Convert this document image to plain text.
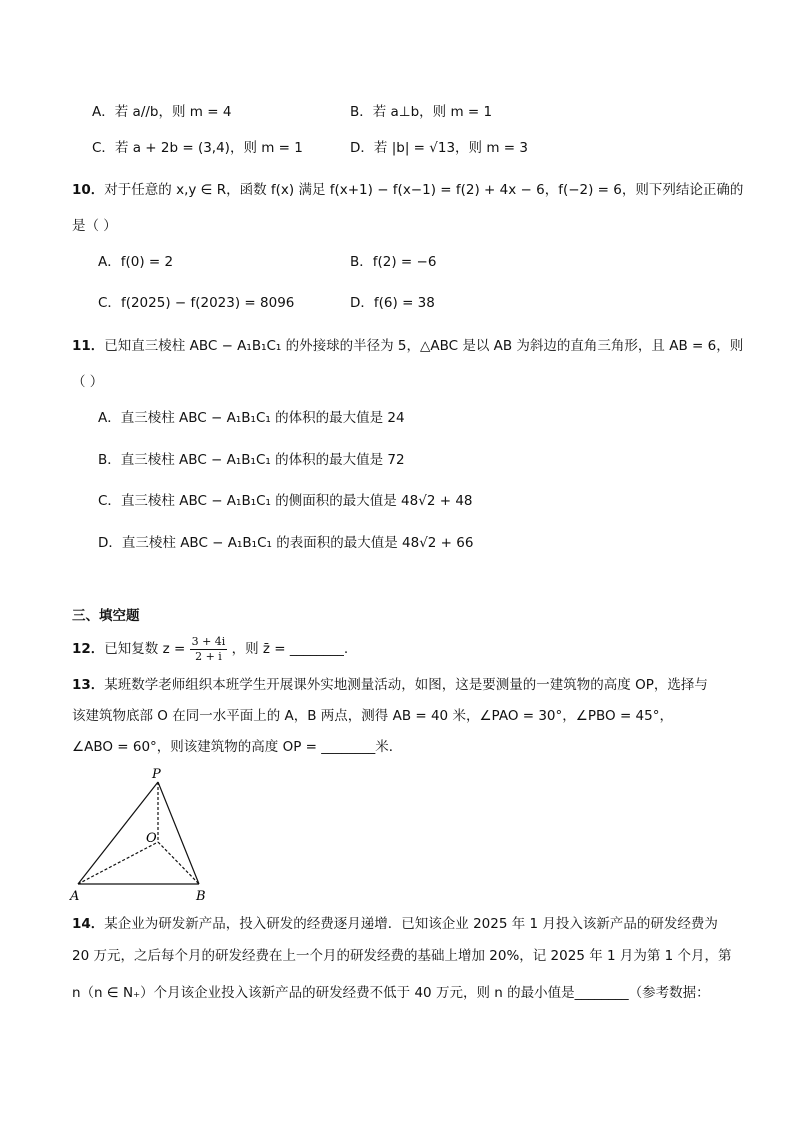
A．若 a//b，则 m = 4	B．若 a⊥b，则 m = 1
C．若 a + 2b = (3,4)，则 m = 1	D．若 |b| = √13，则 m = 3
10．对于任意的 x,y ∈ R，函数 f(x) 满足 f(x+1) − f(x−1) = f(2) + 4x − 6，f(−2) = 6，则下列结论正确的
是（ ）
A．f(0) = 2	B．f(2) = −6
C．f(2025) − f(2023) = 8096	D．f(6) = 38
11．已知直三棱柱 ABC − A₁B₁C₁ 的外接球的半径为 5，△ABC 是以 AB 为斜边的直角三角形，且 AB = 6，则
（ ）
A．直三棱柱 ABC − A₁B₁C₁ 的体积的最大值是 24
B．直三棱柱 ABC − A₁B₁C₁ 的体积的最大值是 72
C．直三棱柱 ABC − A₁B₁C₁ 的侧面积的最大值是 48√2 + 48
D．直三棱柱 ABC − A₁B₁C₁ 的表面积的最大值是 48√2 + 66
三、填空题
12．已知复数 $z = \frac{3 + 4i}{2 + i}$ ，则 z̄ = ________.
13．某班数学老师组织本班学生开展课外实地测量活动，如图，这是要测量的一建筑物的高度 OP，选择与
该建筑物底部 O 在同一水平面上的 A，B 两点，测得 AB = 40 米，∠PAO = 30°，∠PBO = 45°，
∠ABO = 60°，则该建筑物的高度 OP = ________米．
P
O
A	B
14．某企业为研发新产品，投入研发的经费逐月递增．已知该企业 2025 年 1 月投入该新产品的研发经费为
20 万元，之后每个月的研发经费在上一个月的研发经费的基础上增加 20%，记 2025 年 1 月为第 1 个月，第
n（n ∈ N₊）个月该企业投入该新产品的研发经费不低于 40 万元，则 n 的最小值是________（参考数据：
